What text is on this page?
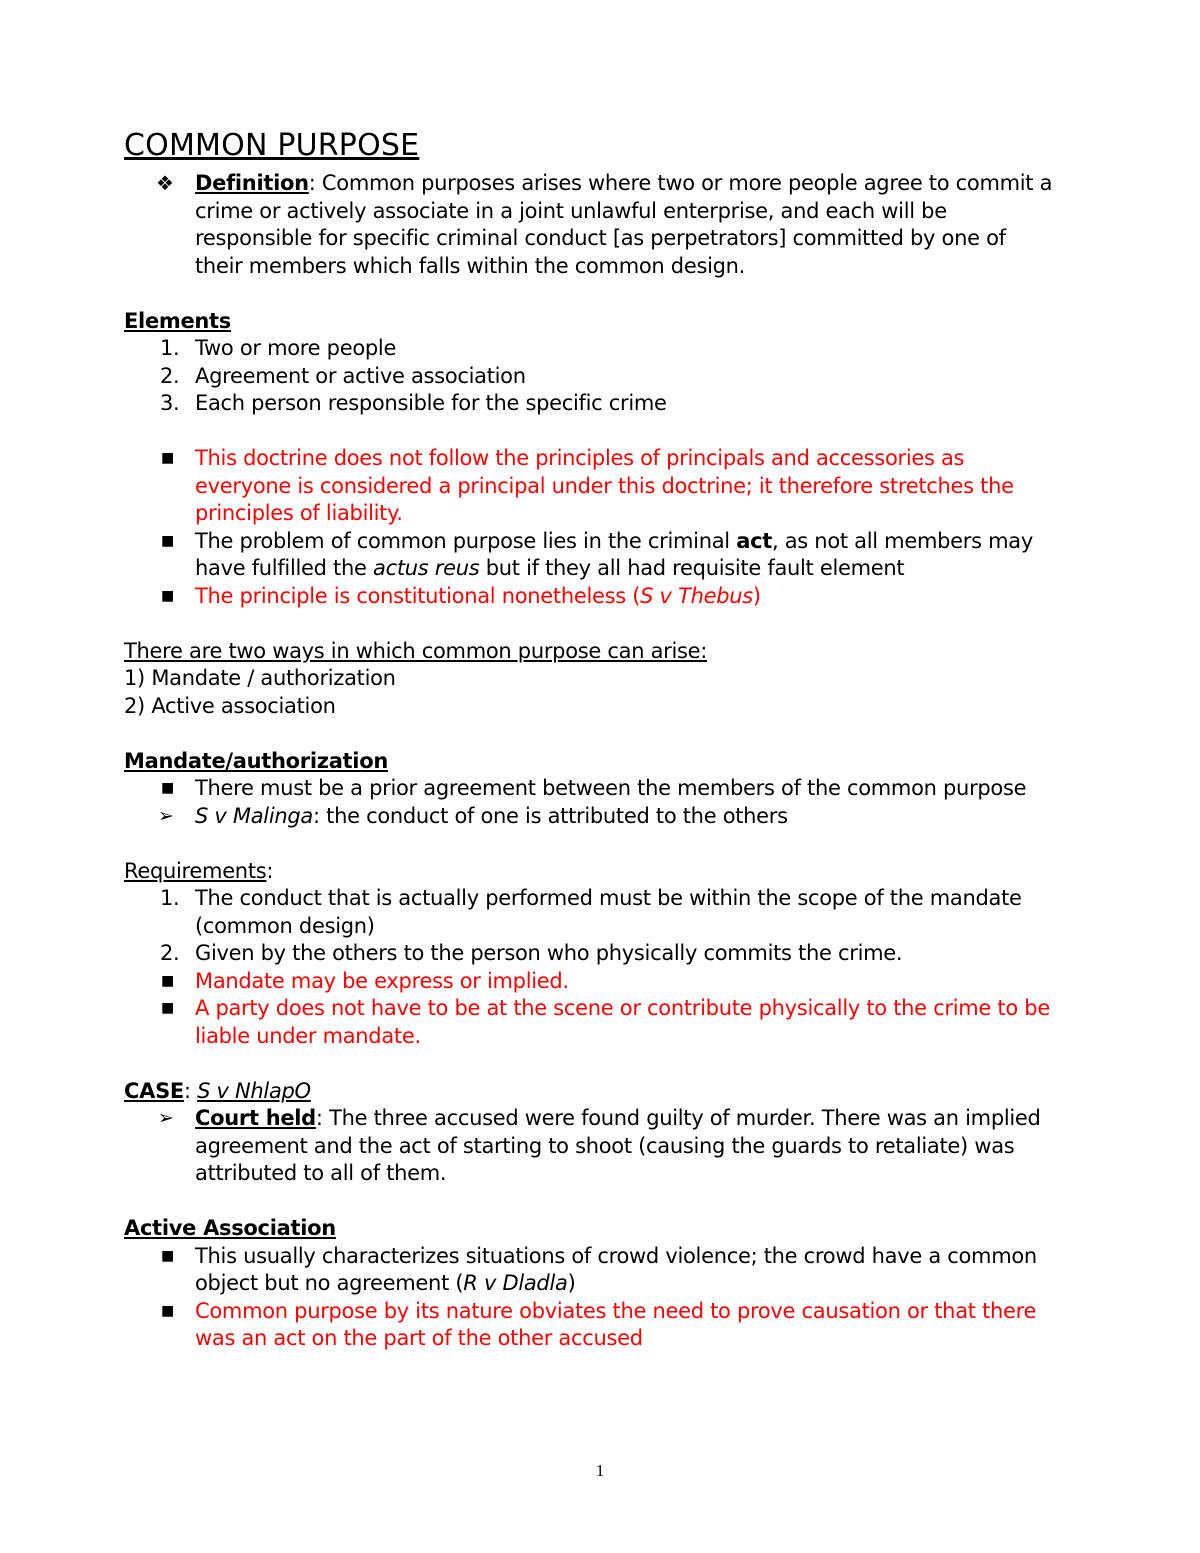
COMMON PURPOSE
❖	Definition: Common purposes arises where two or more people agree to commit a crime or actively associate in a joint unlawful enterprise, and each will be responsible for specific criminal conduct [as perpetrators] committed by one of their members which falls within the common design.
Elements
1. Two or more people
2. Agreement or active association
3. Each person responsible for the specific crime
■	This doctrine does not follow the principles of principals and accessories as everyone is considered a principal under this doctrine; it therefore stretches the principles of liability.
■	The problem of common purpose lies in the criminal act, as not all members may have fulfilled the actus reus but if they all had requisite fault element
■	The principle is constitutional nonetheless (S v Thebus)
There are two ways in which common purpose can arise:
1) Mandate / authorization
2) Active association
Mandate/authorization
■	There must be a prior agreement between the members of the common purpose
➢	S v Malinga: the conduct of one is attributed to the others
Requirements:
1. The conduct that is actually performed must be within the scope of the mandate (common design)
2. Given by the others to the person who physically commits the crime.
■	Mandate may be express or implied.
■	A party does not have to be at the scene or contribute physically to the crime to be liable under mandate.
CASE: S v NhlapO
➢	Court held: The three accused were found guilty of murder. There was an implied agreement and the act of starting to shoot (causing the guards to retaliate) was attributed to all of them.
Active Association
■	This usually characterizes situations of crowd violence; the crowd have a common object but no agreement (R v Dladla)
■	Common purpose by its nature obviates the need to prove causation or that there was an act on the part of the other accused
1
